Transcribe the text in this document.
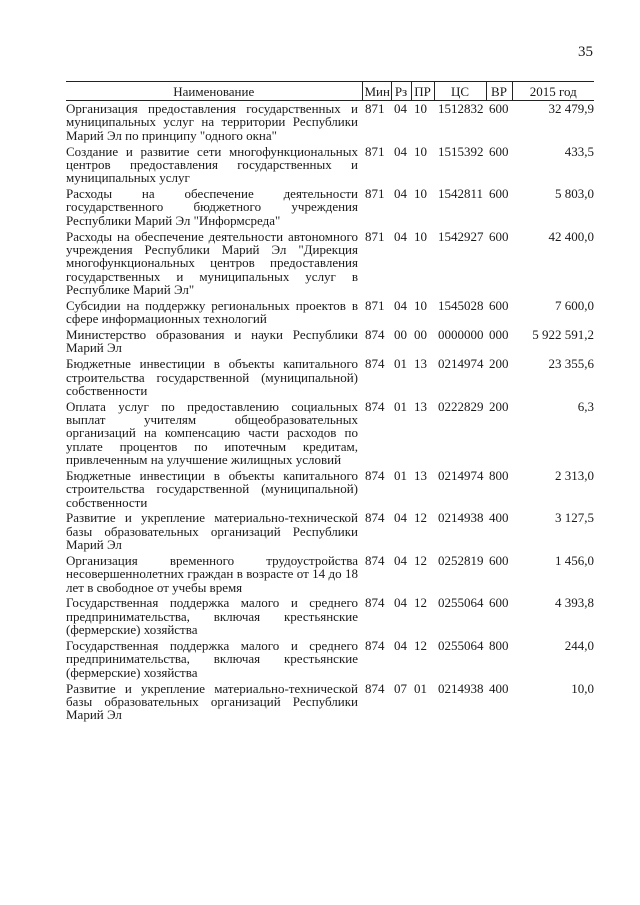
35
Наименование	Мин	Рз	ПР	ЦС	ВР	2015 год
Организация предоставления государственных и муниципальных услуг на территории Республики Марий Эл по принципу "одного окна"	871	04	10	1512832	600	32 479,9
Создание и развитие сети многофункциональных центров предоставления государственных и муниципальных услуг	871	04	10	1515392	600	433,5
Расходы на обеспечение деятельности государственного бюджетного учреждения Республики Марий Эл "Информсреда"	871	04	10	1542811	600	5 803,0
Расходы на обеспечение деятельности автономного учреждения Республики Марий Эл "Дирекция многофункциональных центров предоставления государственных и муниципальных услуг в Республике Марий Эл"	871	04	10	1542927	600	42 400,0
Субсидии на поддержку региональных проектов в сфере информационных технологий	871	04	10	1545028	600	7 600,0
Министерство образования и науки Республики Марий Эл	874	00	00	0000000	000	5 922 591,2
Бюджетные инвестиции в объекты капитального строительства государственной (муниципальной) собственности	874	01	13	0214974	200	23 355,6
Оплата услуг по предоставлению социальных выплат учителям общеобразовательных организаций на компенсацию части расходов по уплате процентов по ипотечным кредитам, привлеченным на улучшение жилищных условий	874	01	13	0222829	200	6,3
Бюджетные инвестиции в объекты капитального строительства государственной (муниципальной) собственности	874	01	13	0214974	800	2 313,0
Развитие и укрепление материально-технической базы образовательных организаций Республики Марий Эл	874	04	12	0214938	400	3 127,5
Организация временного трудоустройства несовершеннолетних граждан в возрасте от 14 до 18 лет в свободное от учебы время	874	04	12	0252819	600	1 456,0
Государственная поддержка малого и среднего предпринимательства, включая крестьянские (фермерские) хозяйства	874	04	12	0255064	600	4 393,8
Государственная поддержка малого и среднего предпринимательства, включая крестьянские (фермерские) хозяйства	874	04	12	0255064	800	244,0
Развитие и укрепление материально-технической базы образовательных организаций Республики Марий Эл	874	07	01	0214938	400	10,0
